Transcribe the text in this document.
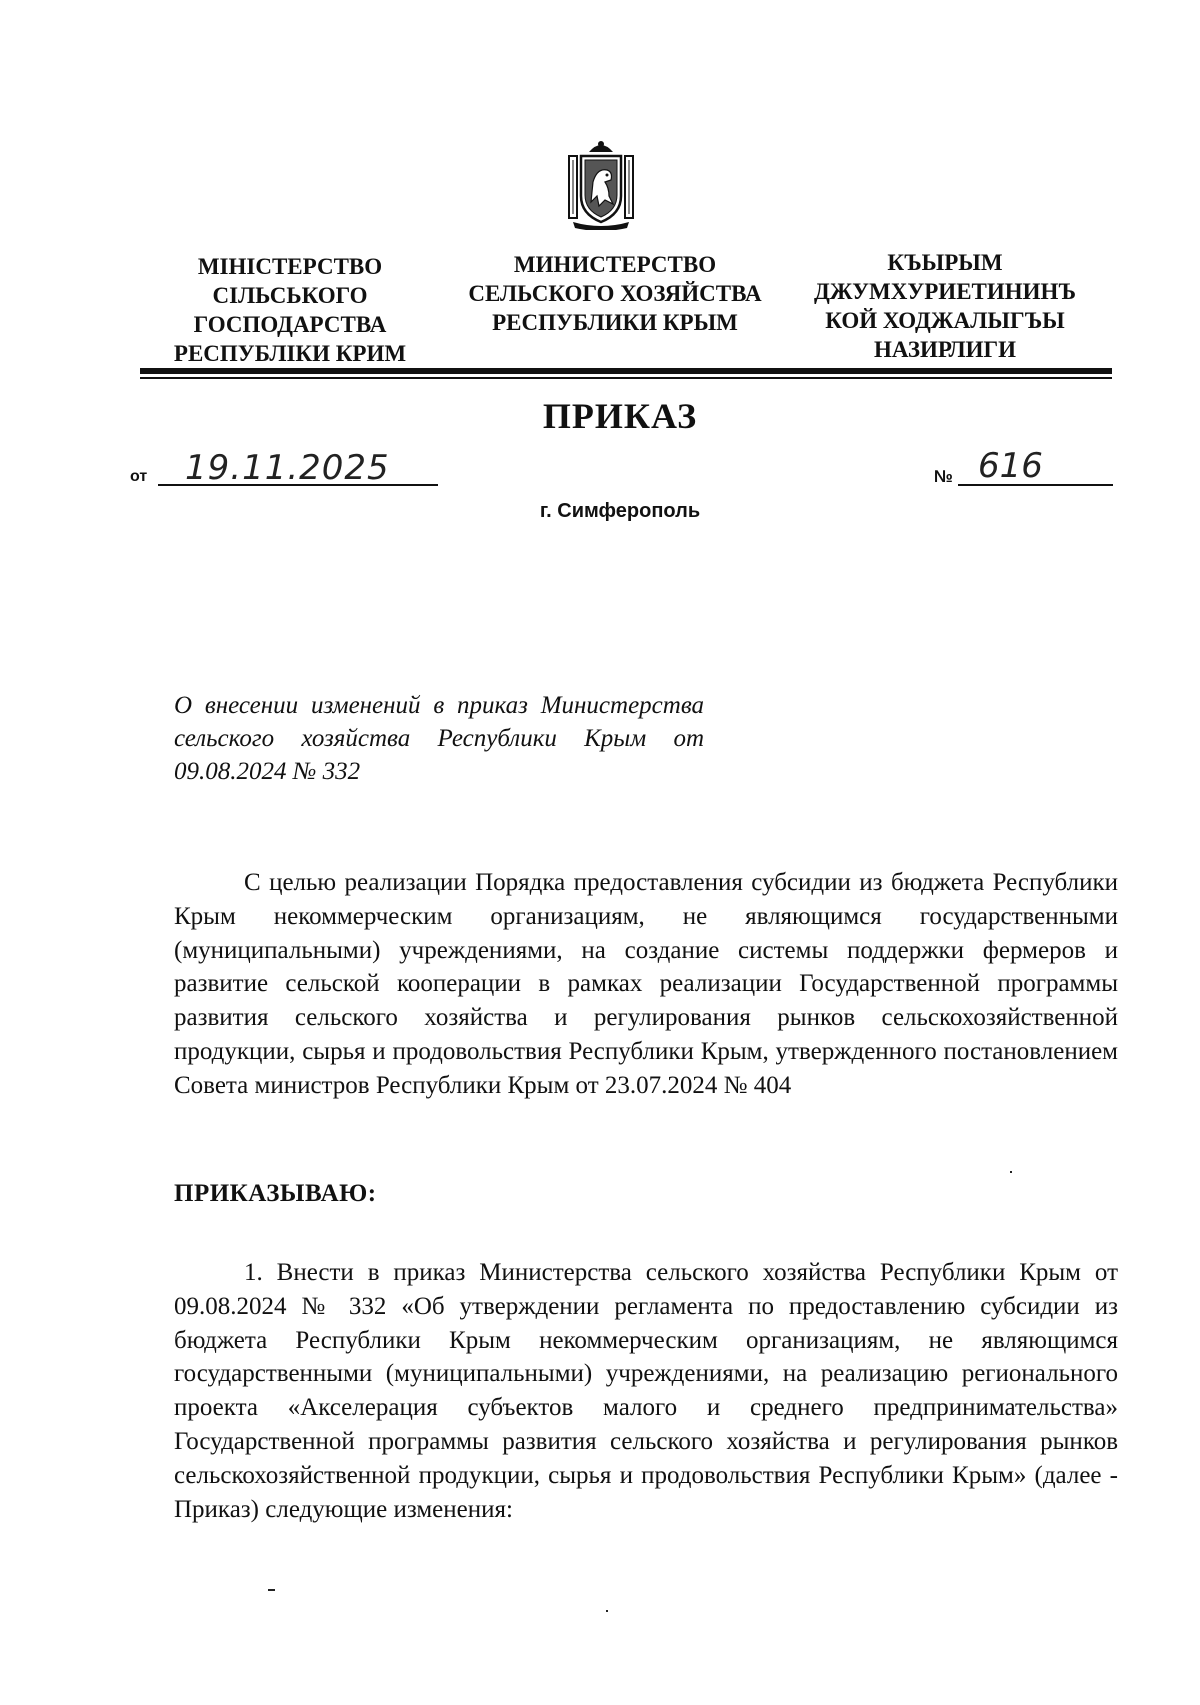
МІНІСТЕРСТВО СІЛЬСЬКОГО ГОСПОДАРСТВА РЕСПУБЛІКИ КРИМ
МИНИСТЕРСТВО СЕЛЬСКОГО ХОЗЯЙСТВА РЕСПУБЛИКИ КРЫМ
КЪЫРЫМ ДЖУМХУРИЕТИНИНЪ КОЙ ХОДЖАЛЫГЪЫ НАЗИРЛИГИ
ПРИКАЗ
от 19.11.2025	№ 616
г. Симферополь
О внесении изменений в приказ Министерства сельского хозяйства Республики Крым от 09.08.2024 № 332
С целью реализации Порядка предоставления субсидии из бюджета Республики Крым некоммерческим организациям, не являющимся государственными (муниципальными) учреждениями, на создание системы поддержки фермеров и развитие сельской кооперации в рамках реализации Государственной программы развития сельского хозяйства и регулирования рынков сельскохозяйственной продукции, сырья и продовольствия Республики Крым, утвержденного постановлением Совета министров Республики Крым от 23.07.2024 № 404
ПРИКАЗЫВАЮ:
1. Внести в приказ Министерства сельского хозяйства Республики Крым от 09.08.2024 № 332 «Об утверждении регламента по предоставлению субсидии из бюджета Республики Крым некоммерческим организациям, не являющимся государственными (муниципальными) учреждениями, на реализацию регионального проекта «Акселерация субъектов малого и среднего предпринимательства» Государственной программы развития сельского хозяйства и регулирования рынков сельскохозяйственной продукции, сырья и продовольствия Республики Крым» (далее - Приказ) следующие изменения:
